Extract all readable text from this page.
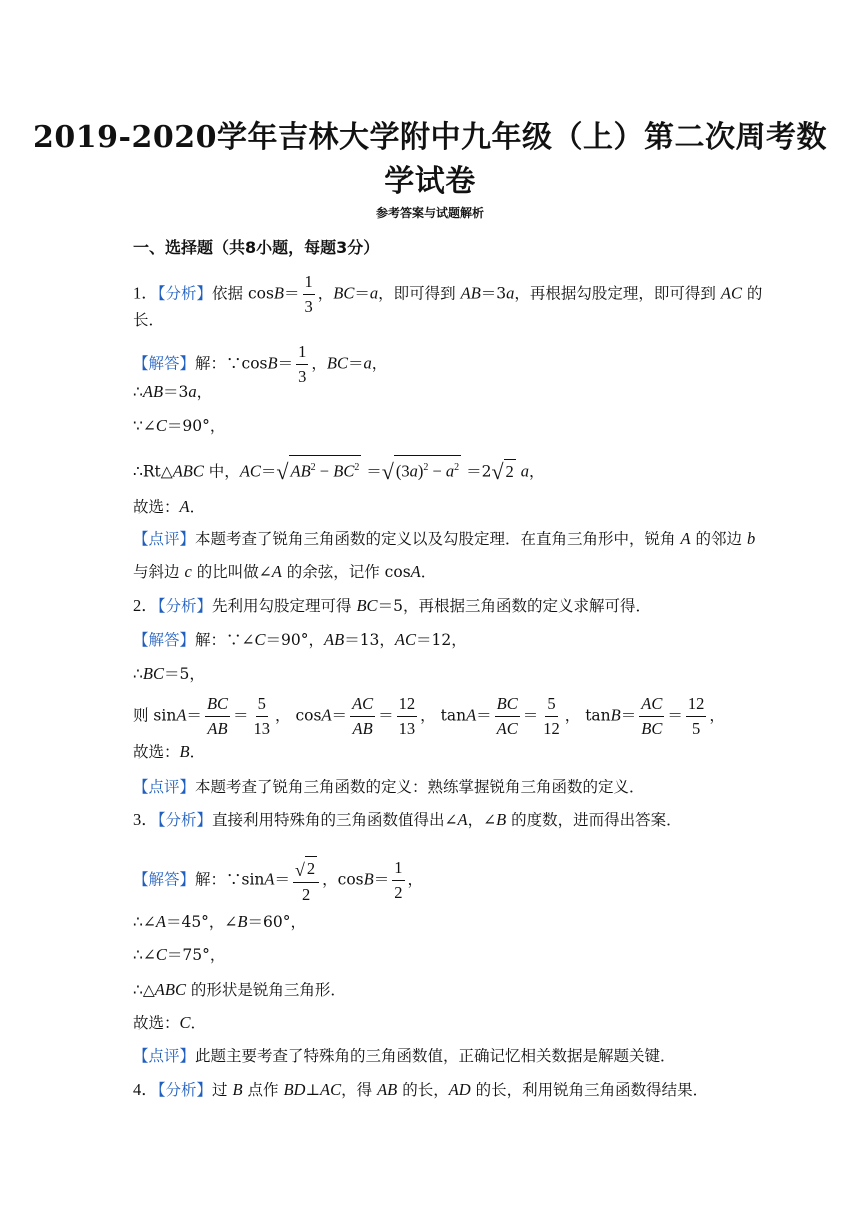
2019-2020学年吉林大学附中九年级（上）第二次周考数
学试卷
参考答案与试题解析
一、选择题（共8小题，每题3分）
1．【分析】依据 $\cos B= \frac{1}{3}$ ，BC＝a，即可得到 AB＝3a，再根据勾股定理，即可得到 AC 的
长．
【解答】解：∵cosB＝ $\frac{1}{3}$ ，BC＝a，
∴AB＝3a，
∵∠C＝90°，
∴Rt△ABC 中，AC＝√ $AB^2 - BC^2$ ＝√ $(3a)^2 - a^2 =2√$ 2 a，
故选：A．
【点评】本题考查了锐角三角函数的定义以及勾股定理．在直角三角形中，锐角 A 的邻边 b
与斜边 c 的比叫做∠A 的余弦，记作 cosA．
2．【分析】先利用勾股定理可得 BC＝5，再根据三角函数的定义求解可得．
【解答】解：∵∠C＝90°，AB＝13，AC＝12，
∴BC＝5，
则 $\sin A= \frac{BC}{AB} = \frac{5}{13}$ ， $\cos A= \frac{AC}{AB} = \frac{12}{13}$ ， $\tan A= \frac{BC}{AC} = \frac{5}{12}$ ， $\tan B= \frac{AC}{BC} = \frac{12}{5}$ ，
故选：B．
【点评】本题考查了锐角三角函数的定义：熟练掌握锐角三角函数的定义．
3．【分析】直接利用特殊角的三角函数值得出∠A，∠B 的度数，进而得出答案．
【解答】解：∵sinA＝ $\frac{√ 2}{2}$ ，$\cos B= \frac{1}{2}$ ，
∴∠A＝45°，∠B＝60°，
∴∠C＝75°，
∴△ABC 的形状是锐角三角形．
故选：C．
【点评】此题主要考查了特殊角的三角函数值，正确记忆相关数据是解题关键．
4．【分析】过 B 点作 BD⊥AC，得 AB 的长，AD 的长，利用锐角三角函数得结果．
